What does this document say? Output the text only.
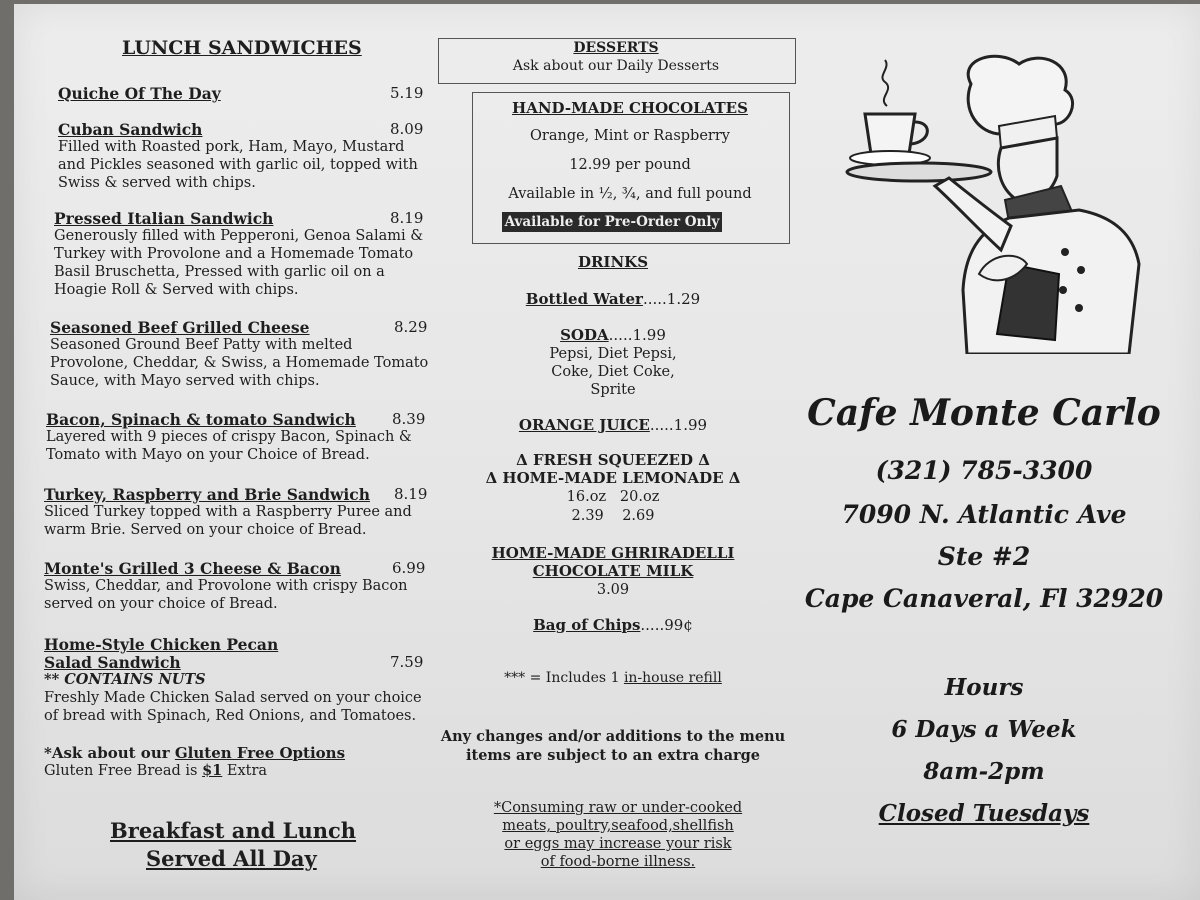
LUNCH SANDWICHES
Quiche Of The Day	5.19
Cuban Sandwich	8.09
Filled with Roasted pork, Ham, Mayo, Mustard and Pickles seasoned with garlic oil, topped with Swiss & served with chips.
Pressed Italian Sandwich	8.19
Generously filled with Pepperoni, Genoa Salami & Turkey with Provolone and a Homemade Tomato Basil Bruschetta, Pressed with garlic oil on a Hoagie Roll & Served with chips.
Seasoned Beef Grilled Cheese	8.29
Seasoned Ground Beef Patty with melted Provolone, Cheddar, & Swiss, a Homemade Tomato Sauce, with Mayo served with chips.
Bacon, Spinach & tomato Sandwich 8.39
Layered with 9 pieces of crispy Bacon, Spinach & Tomato with Mayo on your Choice of Bread.
Turkey, Raspberry and Brie Sandwich 8.19
Sliced Turkey topped with a Raspberry Puree and warm Brie. Served on your choice of Bread.
Monte's Grilled 3 Cheese & Bacon	6.99
Swiss, Cheddar, and Provolone with crispy Bacon served on your choice of Bread.
Home-Style Chicken Pecan
Salad Sandwich	7.59
** CONTAINS NUTS
Freshly Made Chicken Salad served on your choice of bread with Spinach, Red Onions, and Tomatoes.
*Ask about our Gluten Free Options
Gluten Free Bread is $1 Extra
Breakfast and Lunch
Served All Day
DESSERTS
Ask about our Daily Desserts
HAND-MADE CHOCOLATES
Orange, Mint or Raspberry
12.99 per pound
Available in ½, ¾, and full pound
Available for Pre-Order Only
DRINKS
Bottled Water.....1.29
SODA.....1.99
Pepsi, Diet Pepsi,
Coke, Diet Coke,
Sprite
ORANGE JUICE.....1.99
Δ FRESH SQUEEZED Δ
Δ HOME-MADE LEMONADE Δ
16.oz   20.oz
2.39    2.69
HOME-MADE GHRIRADELLI
CHOCOLATE MILK
3.09
Bag of Chips.....99¢
*** = Includes 1 in-house refill
Any changes and/or additions to the menu items are subject to an extra charge
*Consuming raw or under-cooked
meats, poultry,seafood,shellfish
or eggs may increase your risk
of food-borne illness.
Cafe Monte Carlo
(321) 785-3300
7090 N. Atlantic Ave
Ste #2
Cape Canaveral, Fl 32920
Hours
6 Days a Week
8am-2pm
Closed Tuesdays
